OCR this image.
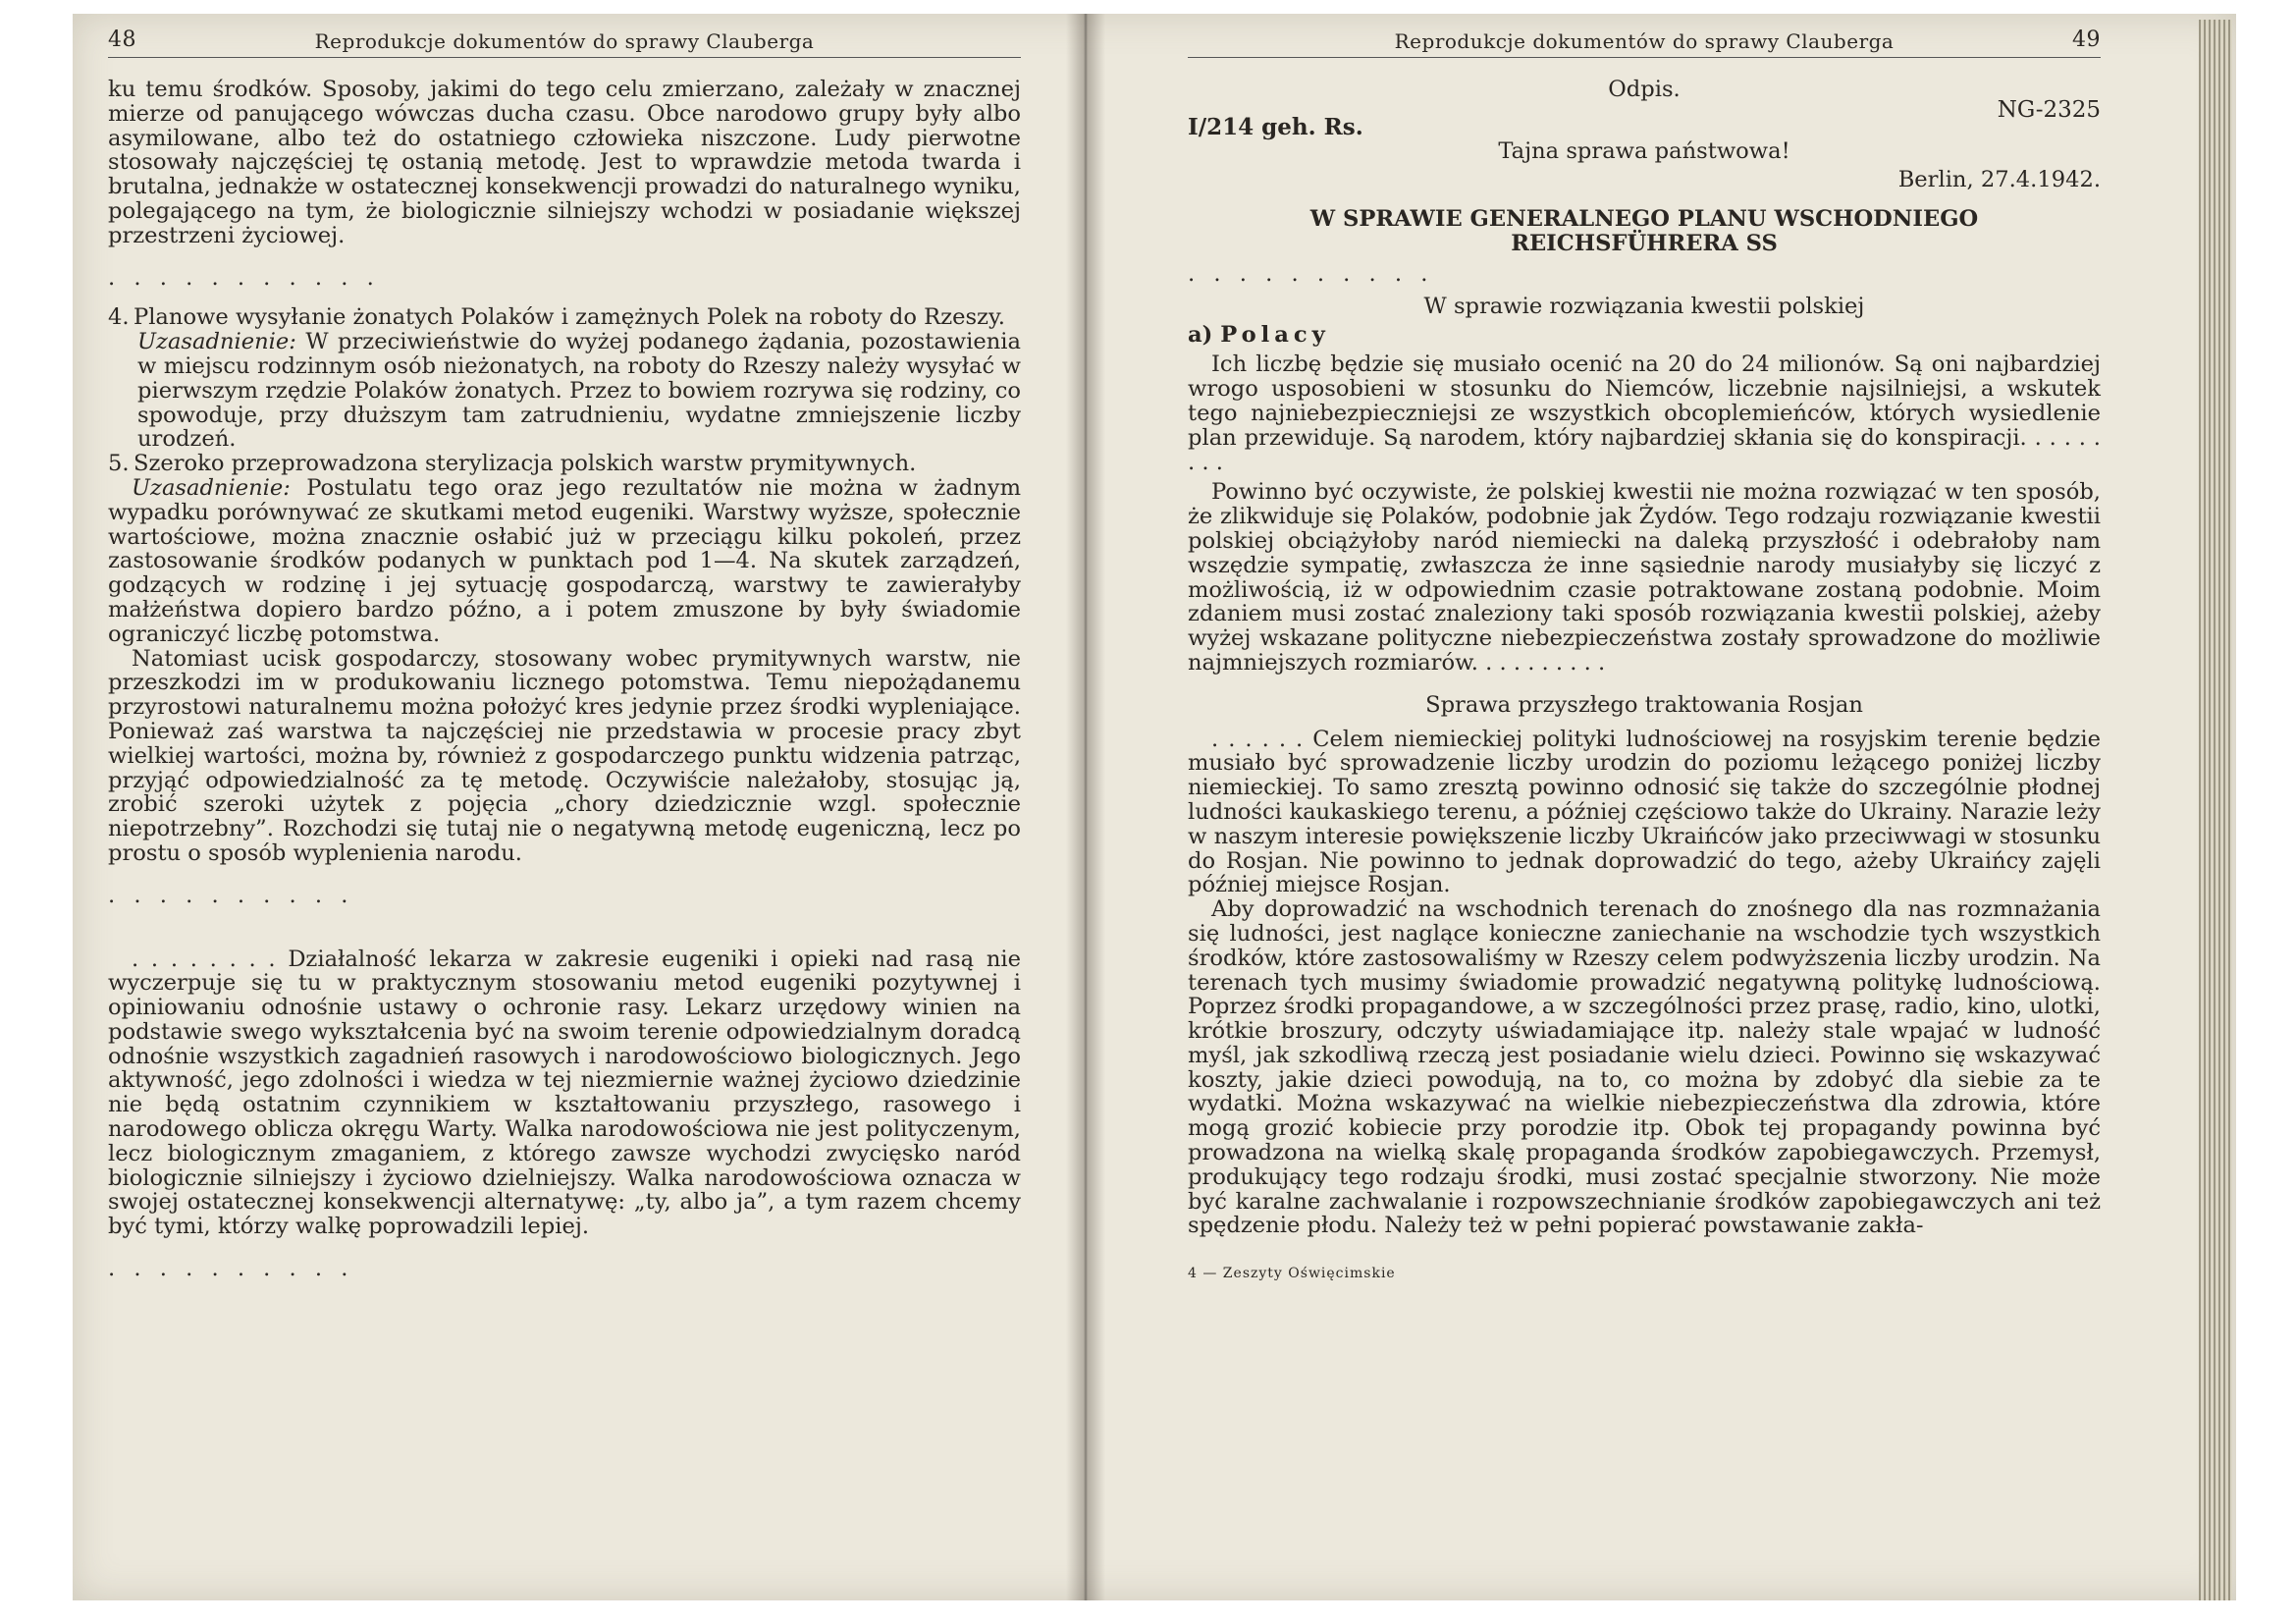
48	Reprodukcje dokumentów do sprawy Clauberga

ku temu środków. Sposoby, jakimi do tego celu zmierzano, zależały w znacznej mierze od panującego wówczas ducha czasu. Obce narodowo grupy były albo asymilowane, albo też do ostatniego człowieka niszczone. Ludy pierwotne stosowały najczęściej tę ostanią metodę. Jest to wprawdzie metoda twarda i brutalna, jednakże w ostatecznej konsekwencji prowadzi do naturalnego wyniku, polegającego na tym, że biologicznie silniejszy wchodzi w posiadanie większej przestrzeni życiowej.

. . . . . . . . . . .
4. Planowe wysyłanie żonatych Polaków i zamężnych Polek na roboty do Rzeszy.

Uzasadnienie: W przeciwieństwie do wyżej podanego żądania, pozostawienia w miejscu rodzinnym osób nieżonatych, na roboty do Rzeszy należy wysyłać w pierwszym rzędzie Polaków żonatych. Przez to bowiem rozrywa się rodziny, co spowoduje, przy dłuższym tam zatrudnieniu, wydatne zmniejszenie liczby urodzeń.

5. Szeroko przeprowadzona sterylizacja polskich warstw prymitywnych.

Uzasadnienie: Postulatu tego oraz jego rezultatów nie można w żadnym wypadku porównywać ze skutkami metod eugeniki. Warstwy wyższe, społecznie wartościowe, można znacznie osłabić już w przeciągu kilku pokoleń, przez zastosowanie środków podanych w punktach pod 1—4. Na skutek zarządzeń, godzących w rodzinę i jej sytuację gospodarczą, warstwy te zawierałyby małżeństwa dopiero bardzo późno, a i potem zmuszone by były świadomie ograniczyć liczbę potomstwa.

Natomiast ucisk gospodarczy, stosowany wobec prymitywnych warstw, nie przeszkodzi im w produkowaniu licznego potomstwa. Temu niepożądanemu przyrostowi naturalnemu można położyć kres jedynie przez środki wypleniające. Ponieważ zaś warstwa ta najczęściej nie przedstawia w procesie pracy zbyt wielkiej wartości, można by, również z gospodarczego punktu widzenia patrząc, przyjąć odpowiedzialność za tę metodę. Oczywiście należałoby, stosując ją, zrobić szeroki użytek z pojęcia „chory dziedzicznie wzgl. społecznie niepotrzebny”. Rozchodzi się tutaj nie o negatywną metodę eugeniczną, lecz po prostu o sposób wyplenienia narodu.

. . . . . . . . . .

. . . . . . . . Działalność lekarza w zakresie eugeniki i opieki nad rasą nie wyczerpuje się tu w praktycznym stosowaniu metod eugeniki pozytywnej i opiniowaniu odnośnie ustawy o ochronie rasy. Lekarz urzędowy winien na podstawie swego wykształcenia być na swoim terenie odpowiedzialnym doradcą odnośnie wszystkich zagadnień rasowych i narodowościowo biologicznych. Jego aktywność, jego zdolności i wiedza w tej niezmiernie ważnej życiowo dziedzinie nie będą ostatnim czynnikiem w kształtowaniu przyszłego, rasowego i narodowego oblicza okręgu Warty. Walka narodowościowa nie jest polityczenym, lecz biologicznym zmaganiem, z którego zawsze wychodzi zwycięsko naród biologicznie silniejszy i życiowo dzielniejszy. Walka narodowościowa oznacza w swojej ostatecznej konsekwencji alternatywę: „ty, albo ja”, a tym razem chcemy być tymi, którzy walkę poprowadzili lepiej.

. . . . . . . . . .
Reprodukcje dokumentów do sprawy Clauberga	49
Odpis.
I/214 geh. Rs.
NG-2325
Tajna sprawa państwowa!
Berlin, 27.4.1942.
W SPRAWIE GENERALNEGO PLANU WSCHODNIEGO
REICHSFÜHRERA SS
. . . . . . . . . .
W sprawie rozwiązania kwestii polskiej
a) Polacy

Ich liczbę będzie się musiało ocenić na 20 do 24 milionów. Są oni najbardziej wrogo usposobieni w stosunku do Niemców, liczebnie najsilniejsi, a wskutek tego najniebezpieczniejsi ze wszystkich obcoplemieńców, których wysiedlenie plan przewiduje. Są narodem, który najbardziej skłania się do konspiracji. . . . . . . . .

Powinno być oczywiste, że polskiej kwestii nie można rozwiązać w ten sposób, że zlikwiduje się Polaków, podobnie jak Żydów. Tego rodzaju rozwiązanie kwestii polskiej obciążyłoby naród niemiecki na daleką przyszłość i odebrałoby nam wszędzie sympatię, zwłaszcza że inne sąsiednie narody musiałyby się liczyć z możliwością, iż w odpowiednim czasie potraktowane zostaną podobnie. Moim zdaniem musi zostać znaleziony taki sposób rozwiązania kwestii polskiej, ażeby wyżej wskazane polityczne niebezpieczeństwa zostały sprowadzone do możliwie najmniejszych rozmiarów. . . . . . . . . .

Sprawa przyszłego traktowania Rosjan

. . . . . . Celem niemieckiej polityki ludnościowej na rosyjskim terenie będzie musiało być sprowadzenie liczby urodzin do poziomu leżącego poniżej liczby niemieckiej. To samo zresztą powinno odnosić się także do szczególnie płodnej ludności kaukaskiego terenu, a później częściowo także do Ukrainy. Narazie leży w naszym interesie powiększenie liczby Ukraińców jako przeciwwagi w stosunku do Rosjan. Nie powinno to jednak doprowadzić do tego, ażeby Ukraińcy zajęli później miejsce Rosjan.

Aby doprowadzić na wschodnich terenach do znośnego dla nas rozmnażania się ludności, jest naglące konieczne zaniechanie na wschodzie tych wszystkich środków, które zastosowaliśmy w Rzeszy celem podwyższenia liczby urodzin. Na terenach tych musimy świadomie prowadzić negatywną politykę ludnościową. Poprzez środki propagandowe, a w szczególności przez prasę, radio, kino, ulotki, krótkie broszury, odczyty uświadamiające itp. należy stale wpajać w ludność myśl, jak szkodliwą rzeczą jest posiadanie wielu dzieci. Powinno się wskazywać koszty, jakie dzieci powodują, na to, co można by zdobyć dla siebie za te wydatki. Można wskazywać na wielkie niebezpieczeństwa dla zdrowia, które mogą grozić kobiecie przy porodzie itp. Obok tej propagandy powinna być prowadzona na wielką skalę propaganda środków zapobiegawczych. Przemysł, produkujący tego rodzaju środki, musi zostać specjalnie stworzony. Nie może być karalne zachwalanie i rozpowszechnianie środków zapobiegawczych ani też spędzenie płodu. Należy też w pełni popierać powstawanie zakła-

4 — Zeszyty Oświęcimskie
